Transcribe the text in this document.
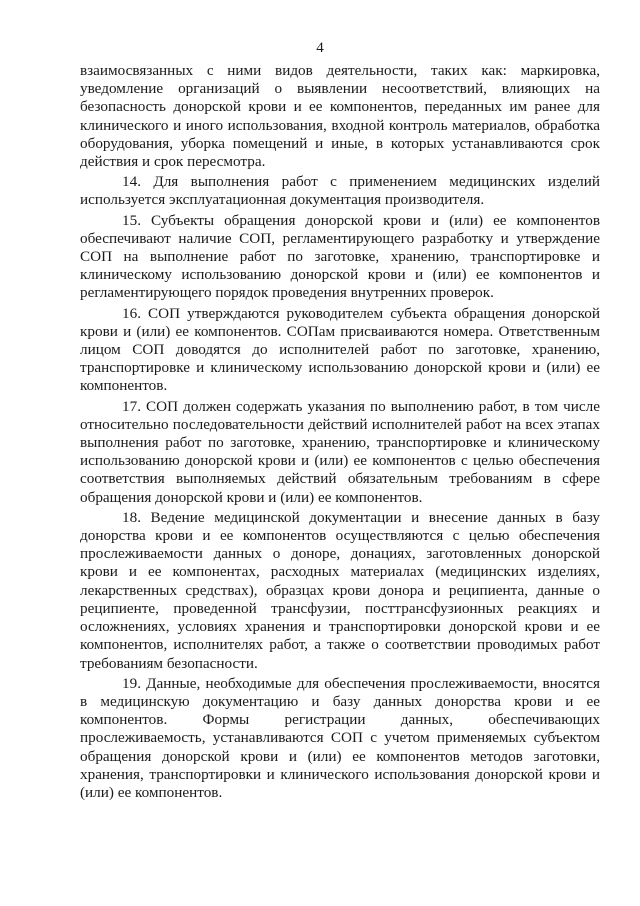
4

взаимосвязанных с ними видов деятельности, таких как: маркировка, уведомление организаций о выявлении несоответствий, влияющих на безопасность донорской крови и ее компонентов, переданных им ранее для клинического и иного использования, входной контроль материалов, обработка оборудования, уборка помещений и иные, в которых устанавливаются срок действия и срок пересмотра.

14. Для выполнения работ с применением медицинских изделий используется эксплуатационная документация производителя.

15. Субъекты обращения донорской крови и (или) ее компонентов обеспечивают наличие СОП, регламентирующего разработку и утверждение СОП на выполнение работ по заготовке, хранению, транспортировке и клиническому использованию донорской крови и (или) ее компонентов и регламентирующего порядок проведения внутренних проверок.

16. СОП утверждаются руководителем субъекта обращения донорской крови и (или) ее компонентов. СОПам присваиваются номера. Ответственным лицом СОП доводятся до исполнителей работ по заготовке, хранению, транспортировке и клиническому использованию донорской крови и (или) ее компонентов.

17. СОП должен содержать указания по выполнению работ, в том числе относительно последовательности действий исполнителей работ на всех этапах выполнения работ по заготовке, хранению, транспортировке и клиническому использованию донорской крови и (или) ее компонентов с целью обеспечения соответствия выполняемых действий обязательным требованиям в сфере обращения донорской крови и (или) ее компонентов.

18. Ведение медицинской документации и внесение данных в базу донорства крови и ее компонентов осуществляются с целью обеспечения прослеживаемости данных о доноре, донациях, заготовленных донорской крови и ее компонентах, расходных материалах (медицинских изделиях, лекарственных средствах), образцах крови донора и реципиента, данные о реципиенте, проведенной трансфузии, посттрансфузионных реакциях и осложнениях, условиях хранения и транспортировки донорской крови и ее компонентов, исполнителях работ, а также о соответствии проводимых работ требованиям безопасности.

19. Данные, необходимые для обеспечения прослеживаемости, вносятся в медицинскую документацию и базу данных донорства крови и ее компонентов. Формы регистрации данных, обеспечивающих прослеживаемость, устанавливаются СОП с учетом применяемых субъектом обращения донорской крови и (или) ее компонентов методов заготовки, хранения, транспортировки и клинического использования донорской крови и (или) ее компонентов.
